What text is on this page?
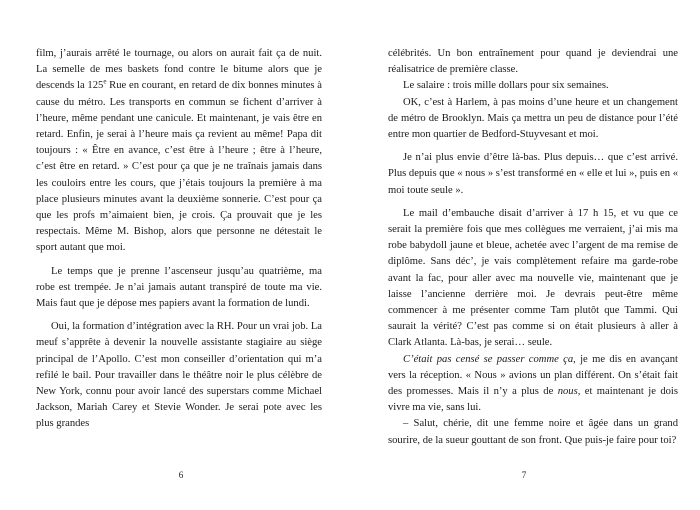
film, j’aurais arrêté le tournage, ou alors on aurait fait ça de nuit. La semelle de mes baskets fond contre le bitume alors que je descends la 125e Rue en courant, en retard de dix bonnes minutes à cause du métro. Les transports en commun se fichent d’arriver à l’heure, même pendant une canicule. Et maintenant, je vais être en retard. Enfin, je serai à l’heure mais ça revient au même! Papa dit toujours : « Être en avance, c’est être à l’heure ; être à l’heure, c’est être en retard. » C’est pour ça que je ne traînais jamais dans les couloirs entre les cours, que j’étais toujours la première à ma place plusieurs minutes avant la deuxième sonnerie. C’est pour ça que les profs m’aimaient bien, je crois. Ça prouvait que je les respectais. Même M. Bishop, alors que personne ne détestait le sport autant que moi.

Le temps que je prenne l’ascenseur jusqu’au quatrième, ma robe est trempée. Je n’ai jamais autant transpiré de toute ma vie. Mais faut que je dépose mes papiers avant la formation de lundi.

Oui, la formation d’intégration avec la RH. Pour un vrai job. La meuf s’apprête à devenir la nouvelle assistante stagiaire au siège principal de l’Apollo. C’est mon conseiller d’orientation qui m’a refilé le bail. Pour travailler dans le théâtre noir le plus célèbre de New York, connu pour avoir lancé des superstars comme Michael Jackson, Mariah Carey et Stevie Wonder. Je serai pote avec les plus grandes

6

célébrités. Un bon entraînement pour quand je deviendrai une réalisatrice de première classe.

Le salaire : trois mille dollars pour six semaines.

OK, c’est à Harlem, à pas moins d’une heure et un changement de métro de Brooklyn. Mais ça mettra un peu de distance pour l’été entre mon quartier de Bedford-Stuyvesant et moi.

Je n’ai plus envie d’être là-bas. Plus depuis… que c’est arrivé. Plus depuis que « nous » s’est transformé en « elle et lui », puis en « moi toute seule ».

Le mail d’embauche disait d’arriver à 17 h 15, et vu que ce serait la première fois que mes collègues me verraient, j’ai mis ma robe babydoll jaune et bleue, achetée avec l’argent de ma remise de diplôme. Sans déc’, je vais complètement refaire ma garde-robe avant la fac, pour aller avec ma nouvelle vie, maintenant que je laisse l’ancienne derrière moi. Je devrais peut-être même commencer à me présenter comme Tam plutôt que Tammi. Qui saurait la vérité? C’est pas comme si on était plusieurs à aller à Clark Atlanta. Là-bas, je serai… seule.

C’était pas censé se passer comme ça, je me dis en avançant vers la réception. « Nous » avions un plan différent. On s’était fait des promesses. Mais il n’y a plus de nous, et maintenant je dois vivre ma vie, sans lui.

– Salut, chérie, dit une femme noire et âgée dans un grand sourire, de la sueur gouttant de son front. Que puis-je faire pour toi?

7
